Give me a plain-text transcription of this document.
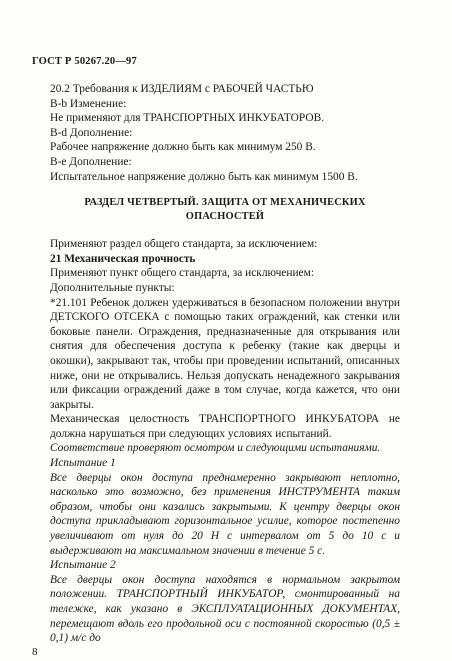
ГОСТ Р 50267.20—97

20.2 Требования к ИЗДЕЛИЯМ с РАБОЧЕЙ ЧАСТЬЮ

В-b Изменение:

Не применяют для ТРАНСПОРТНЫХ ИНКУБАТОРОВ.

В-d Дополнение:

Рабочее напряжение должно быть как минимум 250 В.

В-е Дополнение:

Испытательное напряжение должно быть как минимум 1500 В.

РАЗДЕЛ ЧЕТВЕРТЫЙ. ЗАЩИТА ОТ МЕХАНИЧЕСКИХ
ОПАСНОСТЕЙ

Применяют раздел общего стандарта, за исключением:

21 Механическая прочность

Применяют пункт общего стандарта, за исключением:

Дополнительные пункты:

*21.101 Ребенок должен удерживаться в безопасном положении внутри ДЕТСКОГО ОТСЕКА с помощью таких ограждений, как стенки или боковые панели. Ограждения, предназначенные для открывания или снятия для обеспечения доступа к ребенку (такие как дверцы и окошки), закрывают так, чтобы при проведении испытаний, описанных ниже, они не открывались. Нельзя допускать ненадежного закрывания или фиксации ограждений даже в том случае, когда кажется, что они закрыты.

Механическая целостность ТРАНСПОРТНОГО ИНКУБАТОРА не должна нарушаться при следующих условиях испытаний.

Соответствие проверяют осмотром и следующими испытаниями.

Испытание 1

Все дверцы окон доступа преднамеренно закрывают неплотно, насколько это возможно, без применения ИНСТРУМЕНТА таким образом, чтобы они казались закрытыми. К центру дверцы окон доступа прикладывают горизонтальное усилие, которое постепенно увеличивают от нуля до 20 Н с интервалом от 5 до 10 с и выдерживают на максимальном значении в течение 5 с.

Испытание 2

Все дверцы окон доступа находятся в нормальном закрытом положении. ТРАНСПОРТНЫЙ ИНКУБАТОР, смонтированный на тележке, как указано в ЭКСПЛУАТАЦИОННЫХ ДОКУМЕНТАХ, перемещают вдоль его продольной оси с постоянной скоростью (0,5 ± 0,1) м/с до

8
